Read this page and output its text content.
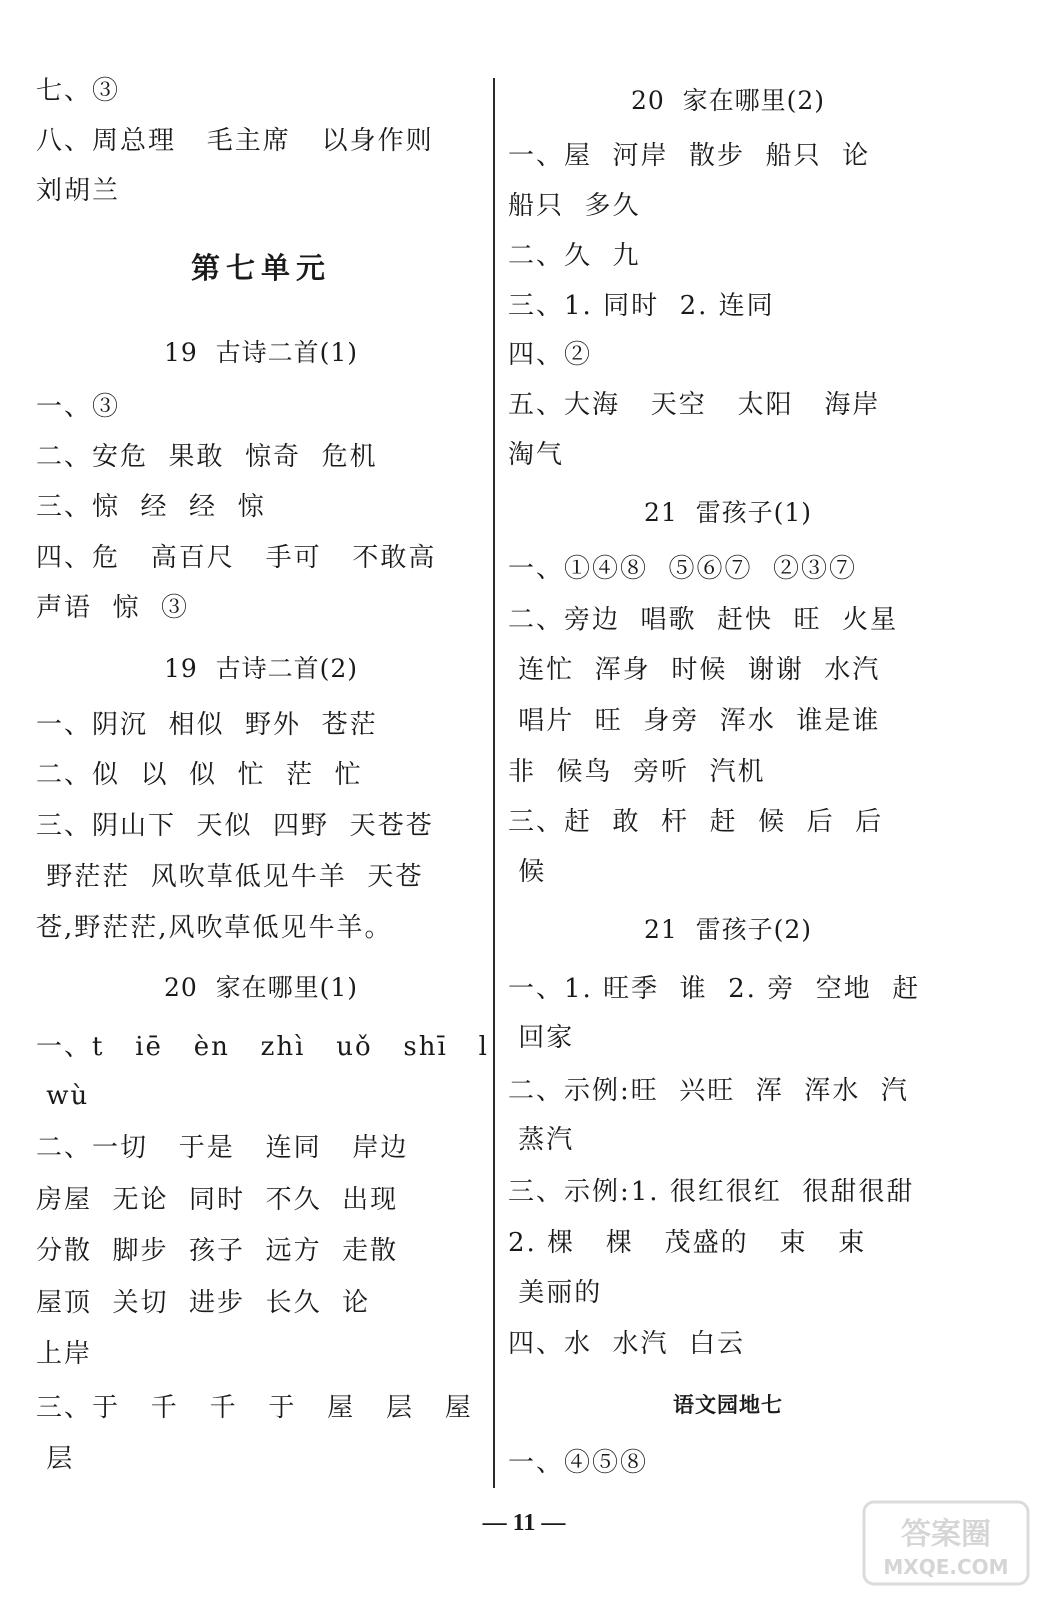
七、③
八、周总理   毛主席   以身作则
刘胡兰
第七单元
19  古诗二首(1)
一、③
二、安危  果敢  惊奇  危机
三、惊  经  经  惊
四、危   高百尺   手可   不敢高
声语  惊  ③
19  古诗二首(2)
一、阴沉  相似  野外  苍茫
二、似  以  似  忙  茫  忙
三、阴山下  天似  四野  天苍苍
野茫茫  风吹草低见牛羊  天苍
苍,野茫茫,风吹草低见牛羊。
20  家在哪里(1)
一、t   iē   èn   zhì   uǒ   shī   l
wù
二、一切   于是   连同   岸边
房屋  无论  同时  不久  出现
分散  脚步  孩子  远方  走散
屋顶  关切  进步  长久  论
上岸
三、于   千   千   于   屋   层   屋
层
20  家在哪里(2)
一、屋  河岸  散步  船只  论
船只  多久
二、久  九
三、1. 同时  2. 连同
四、②
五、大海   天空   太阳   海岸
淘气
21  雷孩子(1)
一、①④⑧  ⑤⑥⑦  ②③⑦
二、旁边  唱歌  赶快  旺  火星
连忙  浑身  时候  谢谢  水汽
唱片  旺  身旁  浑水  谁是谁
非  候鸟  旁听  汽机
三、赶  敢  杆  赶  候  后  后
候
21  雷孩子(2)
一、1. 旺季  谁  2. 旁  空地  赶
回家
二、示例:旺  兴旺  浑  浑水  汽
蒸汽
三、示例:1. 很红很红  很甜很甜
2. 棵   棵   茂盛的   束   束
美丽的
四、水  水汽  白云
语文园地七
一、④⑤⑧
— 11 —	答案圈
MXQE.COM
